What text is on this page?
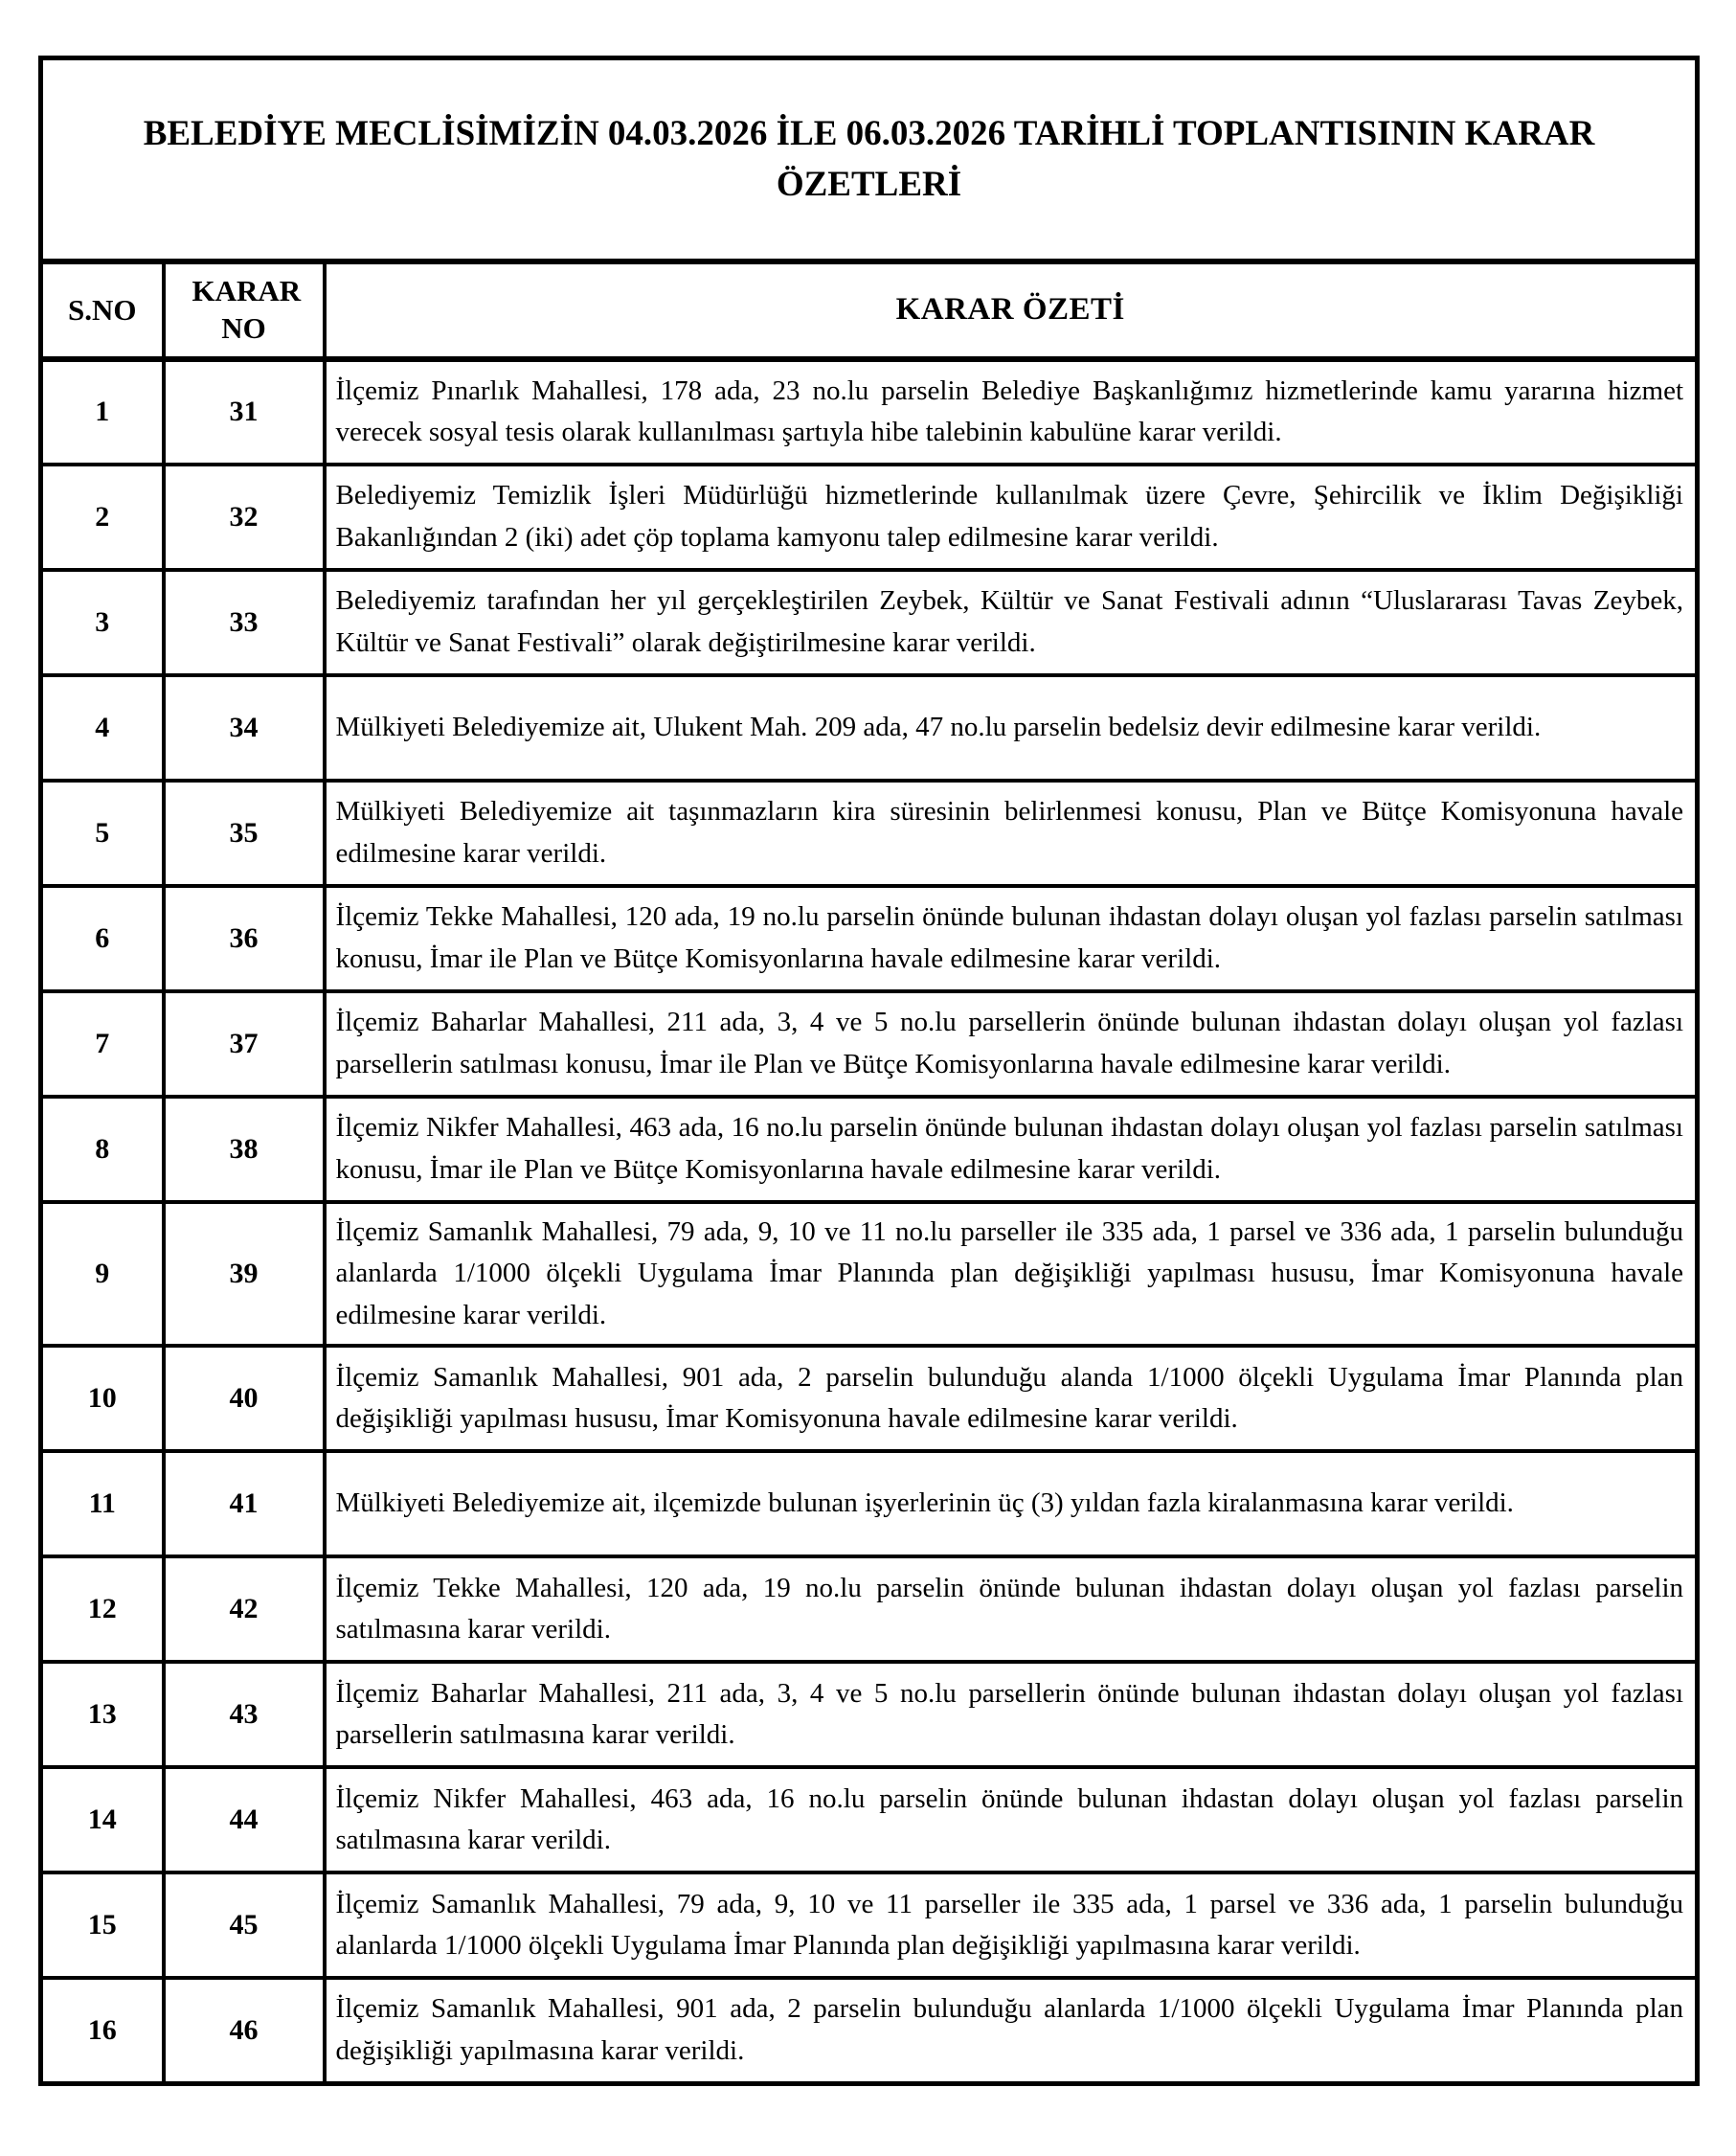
BELEDİYE MECLİSİMİZİN 04.03.2026 İLE 06.03.2026 TARİHLİ TOPLANTISININ KARAR ÖZETLERİ		
S.NO	KARAR NO	KARAR ÖZETİ
1	31	İlçemiz Pınarlık Mahallesi, 178 ada, 23 no.lu parselin Belediye Başkanlığımız hizmetlerinde kamu yararına hizmet verecek sosyal tesis olarak kullanılması şartıyla hibe talebinin kabulüne karar verildi.
2	32	Belediyemiz Temizlik İşleri Müdürlüğü hizmetlerinde kullanılmak üzere Çevre, Şehircilik ve İklim Değişikliği Bakanlığından 2 (iki) adet çöp toplama kamyonu talep edilmesine karar verildi.
3	33	Belediyemiz tarafından her yıl gerçekleştirilen Zeybek, Kültür ve Sanat Festivali adının “Uluslararası Tavas Zeybek, Kültür ve Sanat Festivali” olarak değiştirilmesine karar verildi.
4	34	Mülkiyeti Belediyemize ait, Ulukent Mah. 209 ada, 47 no.lu parselin bedelsiz devir edilmesine karar verildi.
5	35	Mülkiyeti Belediyemize ait taşınmazların kira süresinin belirlenmesi konusu, Plan ve Bütçe Komisyonuna havale edilmesine karar verildi.
6	36	İlçemiz Tekke Mahallesi, 120 ada, 19 no.lu parselin önünde bulunan ihdastan dolayı oluşan yol fazlası parselin satılması konusu, İmar ile Plan ve Bütçe Komisyonlarına havale edilmesine karar verildi.
7	37	İlçemiz Baharlar Mahallesi, 211 ada, 3, 4 ve 5 no.lu parsellerin önünde bulunan ihdastan dolayı oluşan yol fazlası parsellerin satılması konusu, İmar ile Plan ve Bütçe Komisyonlarına havale edilmesine karar verildi.
8	38	İlçemiz Nikfer Mahallesi, 463 ada, 16 no.lu parselin önünde bulunan ihdastan dolayı oluşan yol fazlası parselin satılması konusu, İmar ile Plan ve Bütçe Komisyonlarına havale edilmesine karar verildi.
9	39	İlçemiz Samanlık Mahallesi, 79 ada, 9, 10 ve 11 no.lu parseller ile 335 ada, 1 parsel ve 336 ada, 1 parselin bulunduğu alanlarda 1/1000 ölçekli Uygulama İmar Planında plan değişikliği yapılması hususu, İmar Komisyonuna havale edilmesine karar verildi.
10	40	İlçemiz Samanlık Mahallesi, 901 ada, 2 parselin bulunduğu alanda 1/1000 ölçekli Uygulama İmar Planında plan değişikliği yapılması hususu, İmar Komisyonuna havale edilmesine karar verildi.
11	41	Mülkiyeti Belediyemize ait, ilçemizde bulunan işyerlerinin üç (3) yıldan fazla kiralanmasına karar verildi.
12	42	İlçemiz Tekke Mahallesi, 120 ada, 19 no.lu parselin önünde bulunan ihdastan dolayı oluşan yol fazlası parselin satılmasına karar verildi.
13	43	İlçemiz Baharlar Mahallesi, 211 ada, 3, 4 ve 5 no.lu parsellerin önünde bulunan ihdastan dolayı oluşan yol fazlası parsellerin satılmasına karar verildi.
14	44	İlçemiz Nikfer Mahallesi, 463 ada, 16 no.lu parselin önünde bulunan ihdastan dolayı oluşan yol fazlası parselin satılmasına karar verildi.
15	45	İlçemiz Samanlık Mahallesi, 79 ada, 9, 10 ve 11 parseller ile 335 ada, 1 parsel ve 336 ada, 1 parselin bulunduğu alanlarda 1/1000 ölçekli Uygulama İmar Planında plan değişikliği yapılmasına karar verildi.
16	46	İlçemiz Samanlık Mahallesi, 901 ada, 2 parselin bulunduğu alanlarda 1/1000 ölçekli Uygulama İmar Planında plan değişikliği yapılmasına karar verildi.
